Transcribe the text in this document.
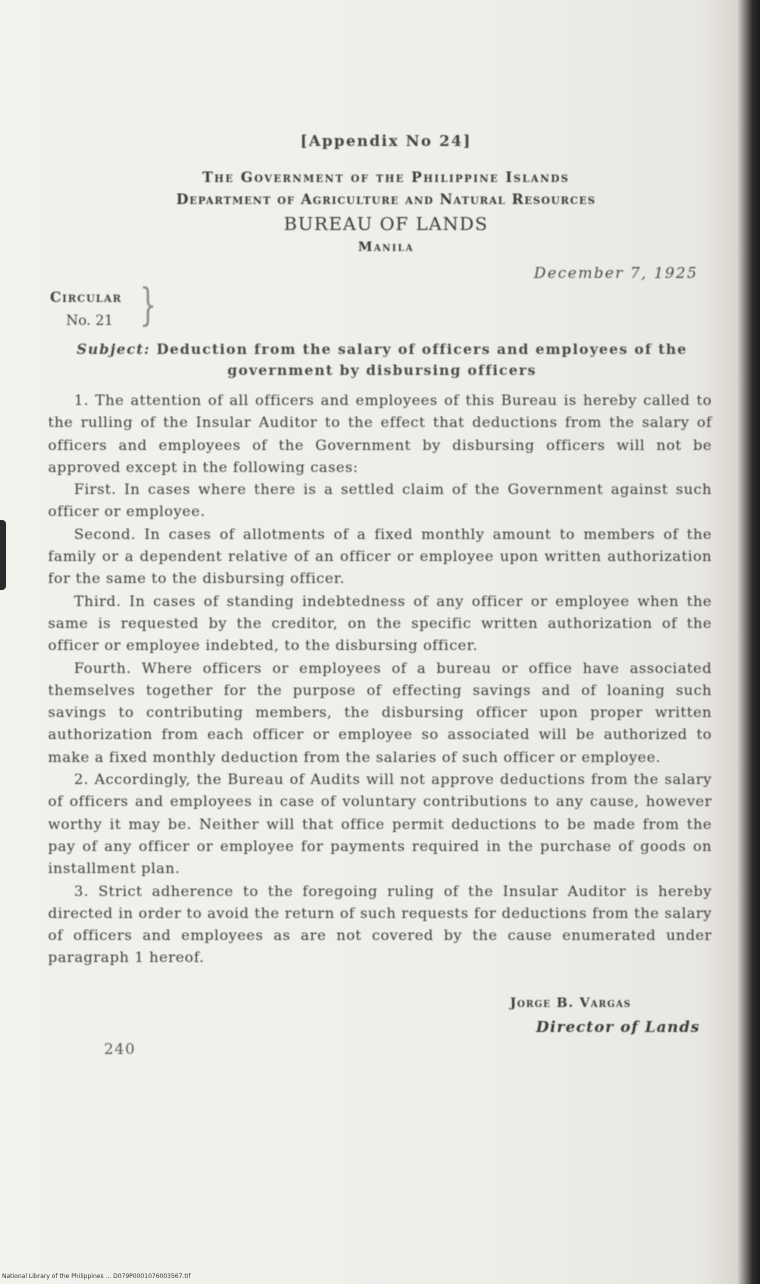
[Appendix No 24]
The Government of the Philippine Islands
Department of Agriculture and Natural Resources
BUREAU OF LANDS
Manila
December 7, 1925
Circular
No. 21 }
Subject: Deduction from the salary of officers and employees of the government by disbursing officers

1. The attention of all officers and employees of this Bureau is hereby called to the rulling of the Insular Auditor to the effect that deductions from the salary of officers and employees of the Government by disbursing officers will not be approved except in the following cases:

First. In cases where there is a settled claim of the Government against such officer or employee.

Second. In cases of allotments of a fixed monthly amount to members of the family or a dependent relative of an officer or employee upon written authorization for the same to the disbursing officer.

Third. In cases of standing indebtedness of any officer or employee when the same is requested by the creditor, on the specific written authorization of the officer or employee indebted, to the disbursing officer.

Fourth. Where officers or employees of a bureau or office have associated themselves together for the purpose of effecting savings and of loaning such savings to contributing members, the disbursing officer upon proper written authorization from each officer or employee so associated will be authorized to make a fixed monthly deduction from the salaries of such officer or employee.

2. Accordingly, the Bureau of Audits will not approve deductions from the salary of officers and employees in case of voluntary contributions to any cause, however worthy it may be. Neither will that office permit deductions to be made from the pay of any officer or employee for payments required in the purchase of goods on installment plan.

3. Strict adherence to the foregoing ruling of the Insular Auditor is hereby directed in order to avoid the return of such requests for deductions from the salary of officers and employees as are not covered by the cause enumerated under paragraph 1 hereof.

Jorge B. Vargas
Director of Lands
240
National Library of the Philippines ... D079P0001076003567.tif
